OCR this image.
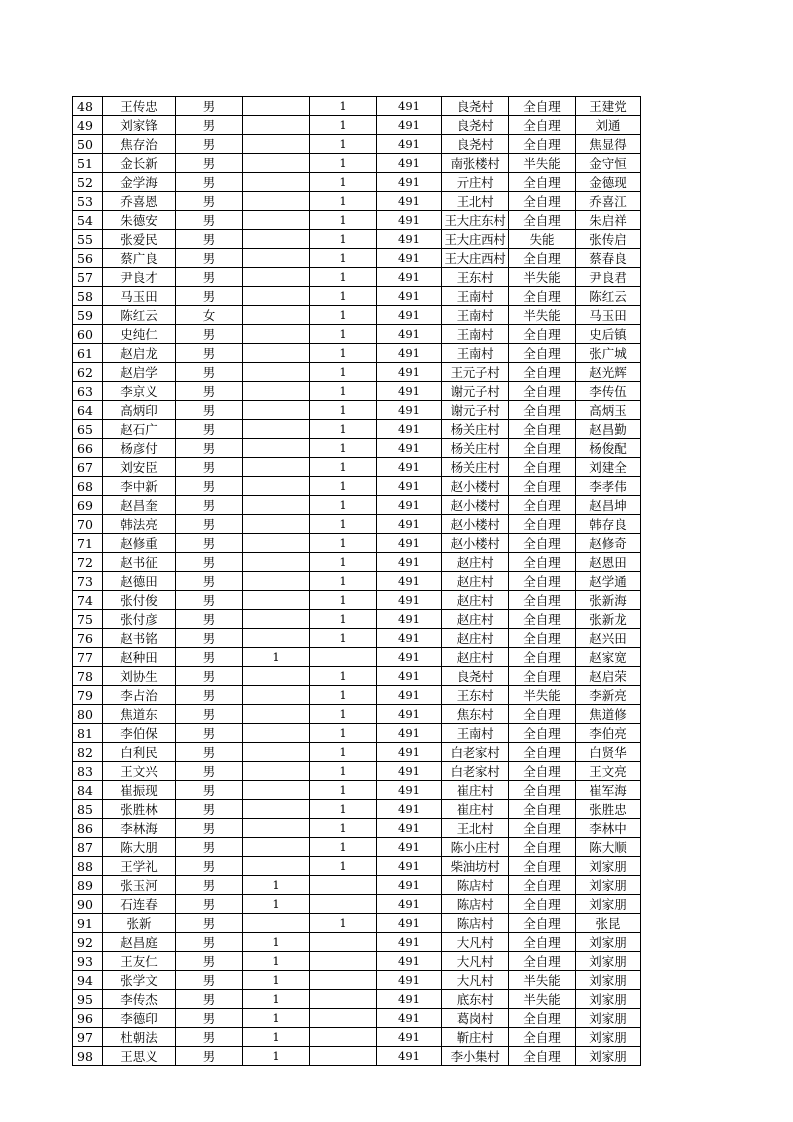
48	王传忠	男		1	491	良尧村	全自理	王建党
49	刘家锋	男		1	491	良尧村	全自理	刘通
50	焦存治	男		1	491	良尧村	全自理	焦显得
51	金长新	男		1	491	南张楼村	半失能	金守恒
52	金学海	男		1	491	亓庄村	全自理	金德现
53	乔喜恩	男		1	491	王北村	全自理	乔喜江
54	朱德安	男		1	491	王大庄东村	全自理	朱启祥
55	张爱民	男		1	491	王大庄西村	失能	张传启
56	蔡广良	男		1	491	王大庄西村	全自理	蔡春良
57	尹良才	男		1	491	王东村	半失能	尹良君
58	马玉田	男		1	491	王南村	全自理	陈红云
59	陈红云	女		1	491	王南村	半失能	马玉田
60	史纯仁	男		1	491	王南村	全自理	史后镇
61	赵启龙	男		1	491	王南村	全自理	张广城
62	赵启学	男		1	491	王元子村	全自理	赵光辉
63	李京义	男		1	491	谢元子村	全自理	李传伍
64	高炳印	男		1	491	谢元子村	全自理	高炳玉
65	赵石广	男		1	491	杨关庄村	全自理	赵昌勤
66	杨彦付	男		1	491	杨关庄村	全自理	杨俊配
67	刘安臣	男		1	491	杨关庄村	全自理	刘建全
68	李中新	男		1	491	赵小楼村	全自理	李孝伟
69	赵昌奎	男		1	491	赵小楼村	全自理	赵昌坤
70	韩法亮	男		1	491	赵小楼村	全自理	韩存良
71	赵修重	男		1	491	赵小楼村	全自理	赵修奇
72	赵书征	男		1	491	赵庄村	全自理	赵恩田
73	赵德田	男		1	491	赵庄村	全自理	赵学通
74	张付俊	男		1	491	赵庄村	全自理	张新海
75	张付彦	男		1	491	赵庄村	全自理	张新龙
76	赵书铭	男		1	491	赵庄村	全自理	赵兴田
77	赵种田	男	1		491	赵庄村	全自理	赵家宽
78	刘协生	男		1	491	良尧村	全自理	赵启荣
79	李占治	男		1	491	王东村	半失能	李新亮
80	焦道东	男		1	491	焦东村	全自理	焦道修
81	李伯保	男		1	491	王南村	全自理	李伯亮
82	白利民	男		1	491	白老家村	全自理	白贤华
83	王文兴	男		1	491	白老家村	全自理	王文亮
84	崔振现	男		1	491	崔庄村	全自理	崔军海
85	张胜林	男		1	491	崔庄村	全自理	张胜忠
86	李林海	男		1	491	王北村	全自理	李林中
87	陈大朋	男		1	491	陈小庄村	全自理	陈大顺
88	王学礼	男		1	491	柴油坊村	全自理	刘家朋
89	张玉河	男	1		491	陈店村	全自理	刘家朋
90	石连春	男	1		491	陈店村	全自理	刘家朋
91	张新	男		1	491	陈店村	全自理	张昆
92	赵昌庭	男	1		491	大凡村	全自理	刘家朋
93	王友仁	男	1		491	大凡村	全自理	刘家朋
94	张学文	男	1		491	大凡村	半失能	刘家朋
95	李传杰	男	1		491	底东村	半失能	刘家朋
96	李德印	男	1		491	葛岗村	全自理	刘家朋
97	杜朝法	男	1		491	靳庄村	全自理	刘家朋
98	王思义	男	1		491	李小集村	全自理	刘家朋
